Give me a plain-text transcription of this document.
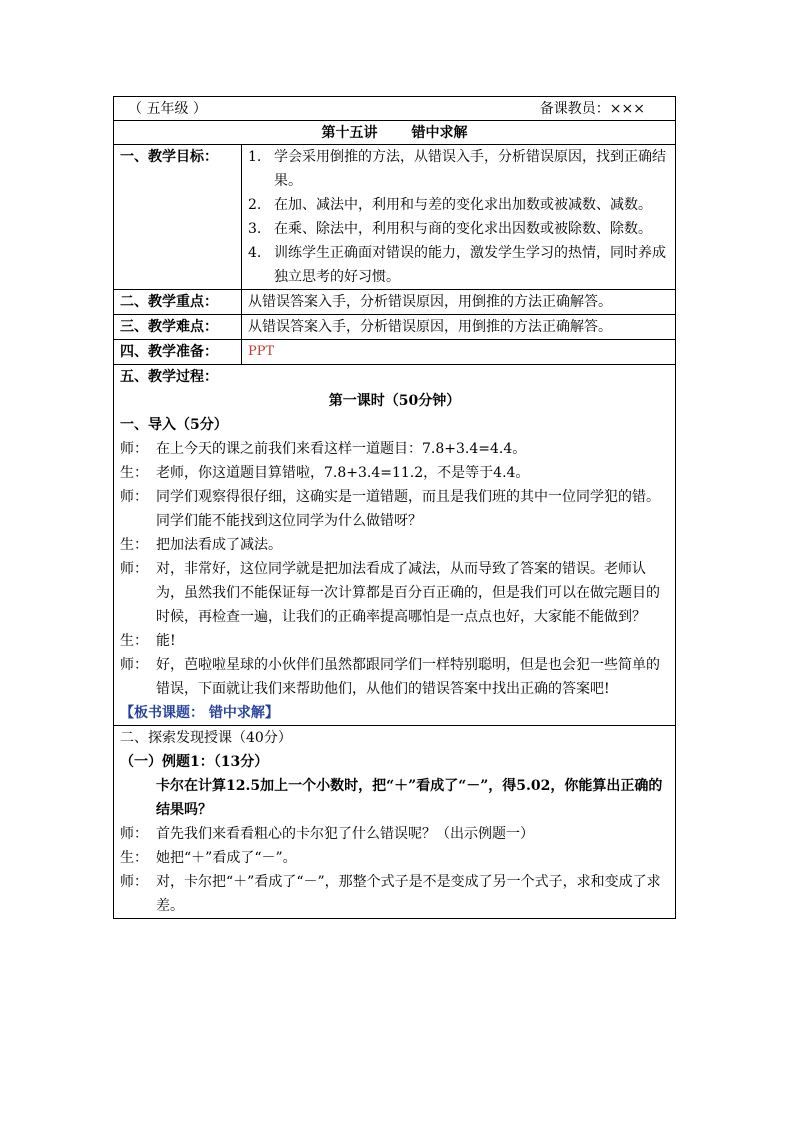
（ 五年级 ）	备课教员：×××
第十五讲 错中求解
一、教学目标：	1. 学会采用倒推的方法，从错误入手，分析错误原因，找到正确结果。
2. 在加、减法中，利用和与差的变化求出加数或被减数、减数。
3. 在乘、除法中，利用积与商的变化求出因数或被除数、除数。
4. 训练学生正确面对错误的能力，激发学生学习的热情，同时养成独立思考的好习惯。
二、教学重点：	从错误答案入手，分析错误原因，用倒推的方法正确解答。
三、教学难点：	从错误答案入手，分析错误原因，用倒推的方法正确解答。
四、教学准备：	PPT
五、教学过程：
第一课时（50分钟）
一、导入（5分）
师： 在上今天的课之前我们来看这样一道题目：7.8+3.4=4.4。
生： 老师，你这道题目算错啦，7.8+3.4=11.2，不是等于4.4。
师： 同学们观察得很仔细，这确实是一道错题，而且是我们班的其中一位同学犯的错。同学们能不能找到这位同学为什么做错呀？
生： 把加法看成了减法。
师： 对，非常好，这位同学就是把加法看成了减法，从而导致了答案的错误。老师认为，虽然我们不能保证每一次计算都是百分百正确的，但是我们可以在做完题目的时候，再检查一遍，让我们的正确率提高哪怕是一点点也好，大家能不能做到？
生： 能!
师： 好，芭啦啦星球的小伙伴们虽然都跟同学们一样特别聪明，但是也会犯一些简单的错误，下面就让我们来帮助他们，从他们的错误答案中找出正确的答案吧!
【板书课题： 错中求解】
二、探索发现授课（40分）
（一）例题1：（13分）
卡尔在计算12.5加上一个小数时，把“＋”看成了“－”，得5.02，你能算出正确的结果吗？
师： 首先我们来看看粗心的卡尔犯了什么错误呢？（出示例题一）
生： 她把“＋”看成了“－”。
师： 对，卡尔把“＋”看成了“－”，那整个式子是不是变成了另一个式子，求和变成了求差。
